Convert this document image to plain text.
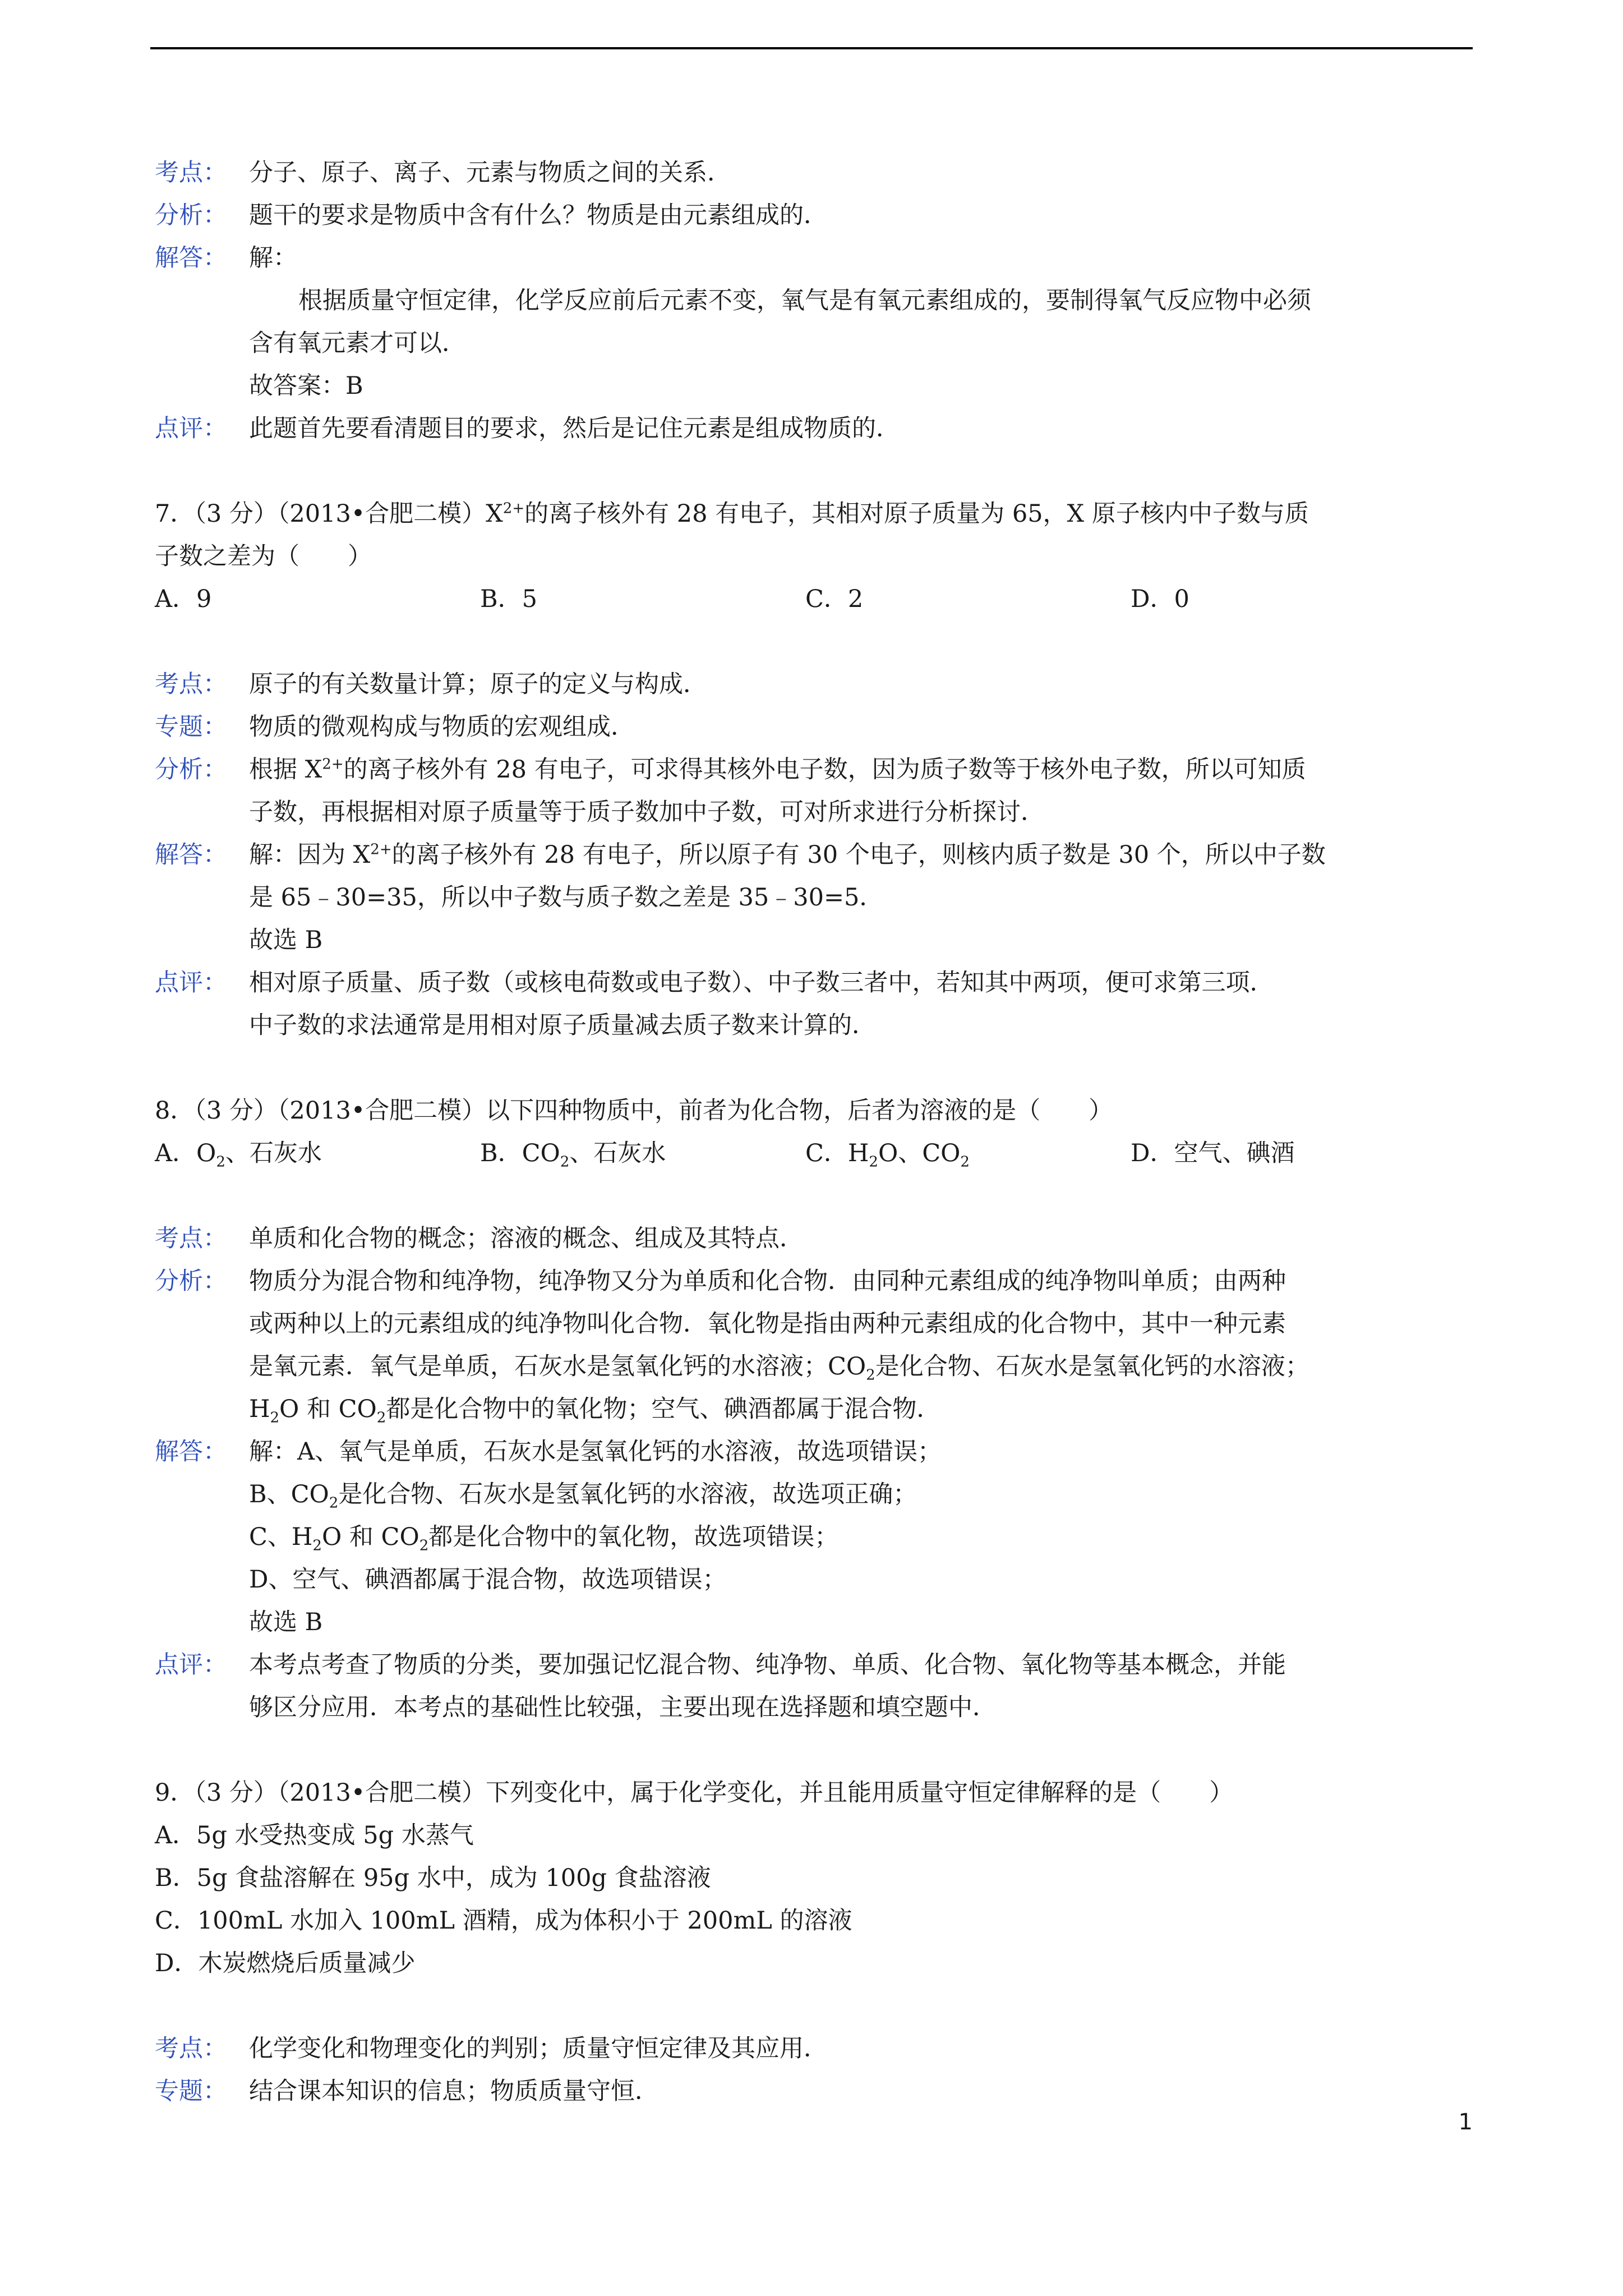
考点： 分子、原子、离子、元素与物质之间的关系．
分析： 题干的要求是物质中含有什么？物质是由元素组成的．
解答： 解：
根据质量守恒定律，化学反应前后元素不变，氧气是有氧元素组成的，要制得氧气反应物中必须
含有氧元素才可以．
故答案：B
点评： 此题首先要看清题目的要求，然后是记住元素是组成物质的．
7．（3 分）（2013•合肥二模）$X^{2+}$的离子核外有 28 有电子，其相对原子质量为 65，X 原子核内中子数与质
子数之差为（　　）
A．9	B．5	C．2	D．0
考点： 原子的有关数量计算；原子的定义与构成．
专题： 物质的微观构成与物质的宏观组成．
分析： 根据 $X^{2+}$的离子核外有 28 有电子，可求得其核外电子数，因为质子数等于核外电子数，所以可知质
子数，再根据相对原子质量等于质子数加中子数，可对所求进行分析探讨．
解答： 解：因为 $X^{2+}$的离子核外有 28 有电子，所以原子有 30 个电子，则核内质子数是 30 个，所以中子数
是 65﹣30=35，所以中子数与质子数之差是 35﹣30=5．
故选 B
点评： 相对原子质量、质子数（或核电荷数或电子数）、中子数三者中，若知其中两项，便可求第三项．
中子数的求法通常是用相对原子质量减去质子数来计算的．
8．（3 分）（2013•合肥二模）以下四种物质中，前者为化合物，后者为溶液的是（　　）
A．$O_2$、石灰水	B．$CO_2$、石灰水	C．$H_2O$、$CO_2$	D．空气、碘酒
考点： 单质和化合物的概念；溶液的概念、组成及其特点．
分析： 物质分为混合物和纯净物，纯净物又分为单质和化合物．由同种元素组成的纯净物叫单质；由两种
或两种以上的元素组成的纯净物叫化合物．氧化物是指由两种元素组成的化合物中，其中一种元素
是氧元素．氧气是单质，石灰水是氢氧化钙的水溶液；$CO_2$是化合物、石灰水是氢氧化钙的水溶液；
$H_2O$ 和 $CO_2$都是化合物中的氧化物；空气、碘酒都属于混合物．
解答： 解：A、氧气是单质，石灰水是氢氧化钙的水溶液，故选项错误；
B、$CO_2$是化合物、石灰水是氢氧化钙的水溶液，故选项正确；
C、$H_2O$ 和 $CO_2$都是化合物中的氧化物，故选项错误；
D、空气、碘酒都属于混合物，故选项错误；
故选 B
点评： 本考点考查了物质的分类，要加强记忆混合物、纯净物、单质、化合物、氧化物等基本概念，并能
够区分应用．本考点的基础性比较强，主要出现在选择题和填空题中．
9．（3 分）（2013•合肥二模）下列变化中，属于化学变化，并且能用质量守恒定律解释的是（　　）
A．5g 水受热变成 5g 水蒸气
B．5g 食盐溶解在 95g 水中，成为 100g 食盐溶液
C．100mL 水加入 100mL 酒精，成为体积小于 200mL 的溶液
D．木炭燃烧后质量减少
考点： 化学变化和物理变化的判别；质量守恒定律及其应用．
专题： 结合课本知识的信息；物质质量守恒．
1
